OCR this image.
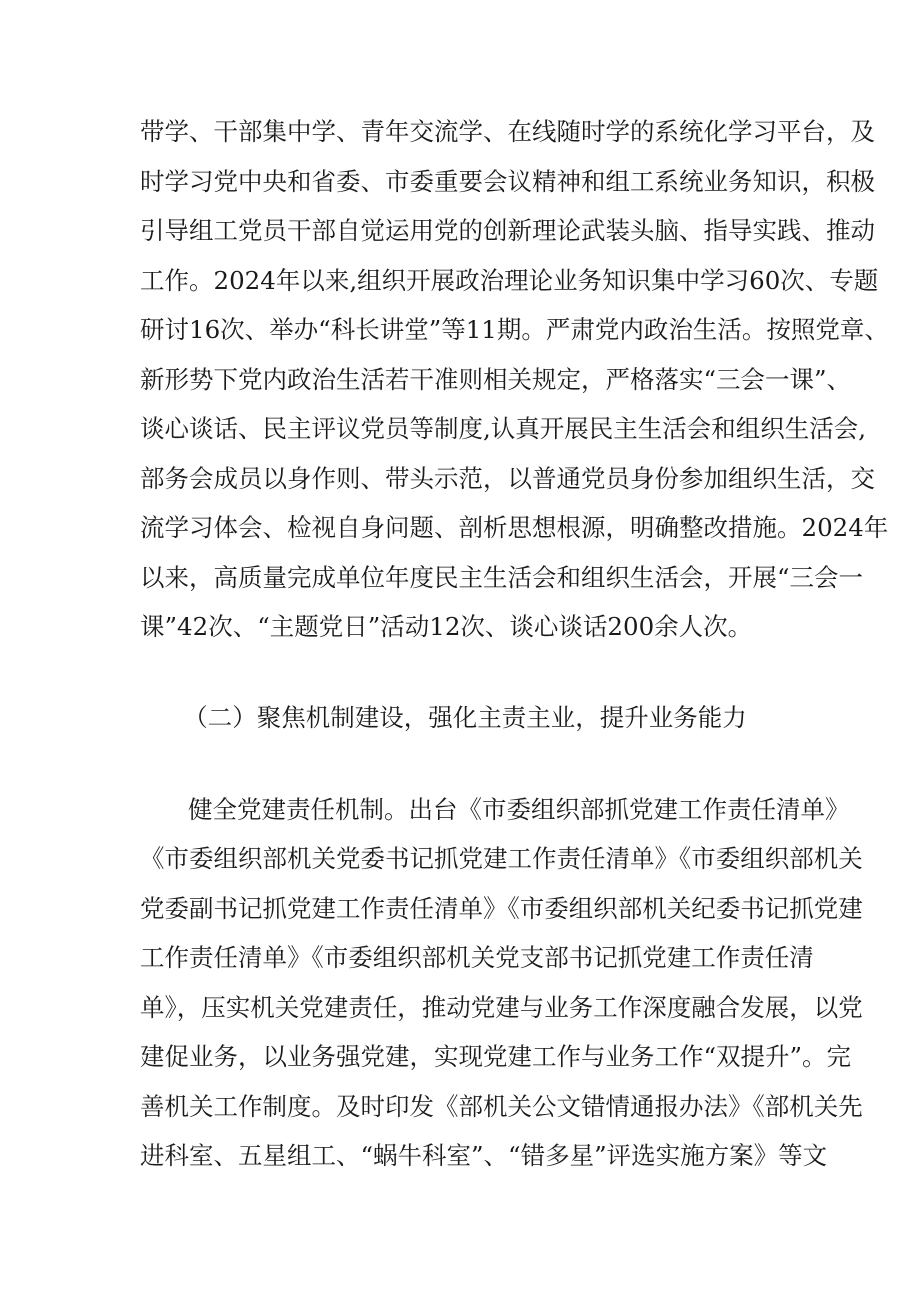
带学、干部集中学、青年交流学、在线随时学的系统化学习平台，及
时学习党中央和省委、市委重要会议精神和组工系统业务知识，积极
引导组工党员干部自觉运用党的创新理论武装头脑、指导实践、推动
工作。2024年以来,组织开展政治理论业务知识集中学习60次、专题
研讨16次、举办“科长讲堂”等11期。严肃党内政治生活。按照党章、
新形势下党内政治生活若干准则相关规定，严格落实“三会一课”、
谈心谈话、民主评议党员等制度,认真开展民主生活会和组织生活会,
部务会成员以身作则、带头示范，以普通党员身份参加组织生活，交
流学习体会、检视自身问题、剖析思想根源，明确整改措施。2024年
以来，高质量完成单位年度民主生活会和组织生活会，开展“三会一
课”42次、“主题党日”活动12次、谈心谈话200余人次。
（二）聚焦机制建设，强化主责主业，提升业务能力
健全党建责任机制。出台《市委组织部抓党建工作责任清单》
《市委组织部机关党委书记抓党建工作责任清单》《市委组织部机关
党委副书记抓党建工作责任清单》《市委组织部机关纪委书记抓党建
工作责任清单》《市委组织部机关党支部书记抓党建工作责任清
单》，压实机关党建责任，推动党建与业务工作深度融合发展，以党
建促业务，以业务强党建，实现党建工作与业务工作“双提升”。完
善机关工作制度。及时印发《部机关公文错情通报办法》《部机关先
进科室、五星组工、“蜗牛科室”、“错多星”评选实施方案》等文
